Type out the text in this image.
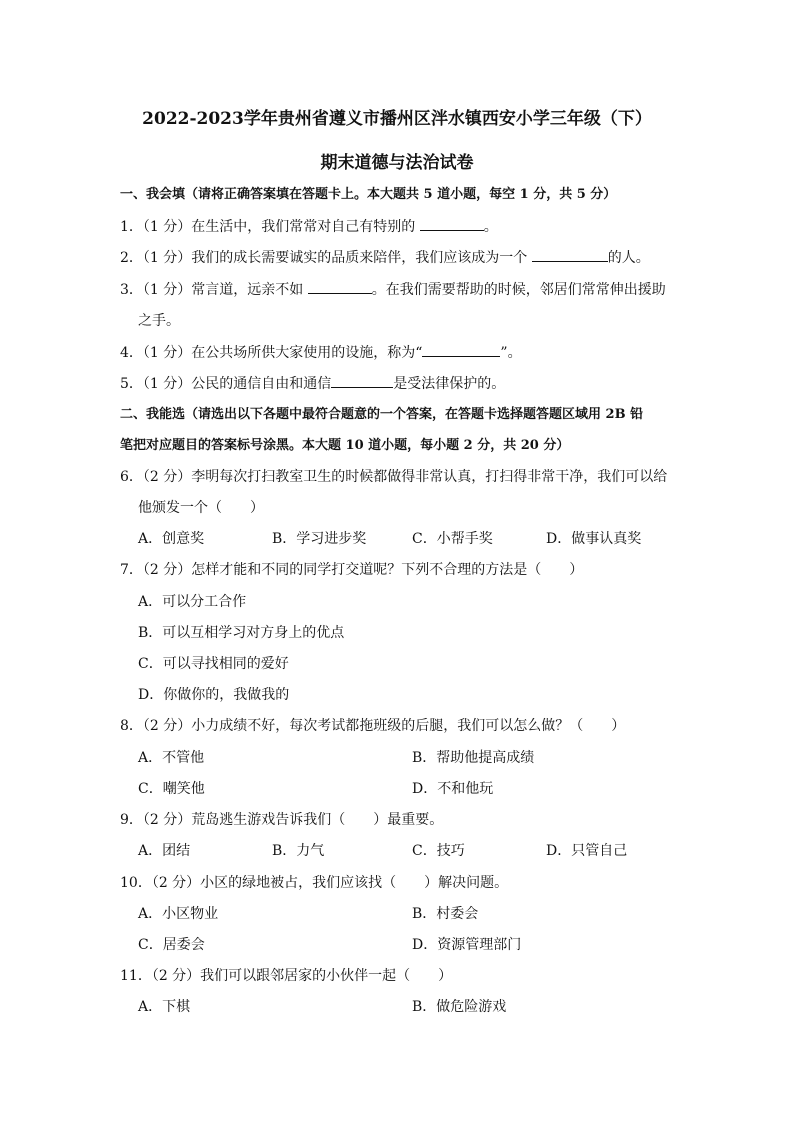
2022-2023学年贵州省遵义市播州区泮水镇西安小学三年级（下）
期末道德与法治试卷
一、我会填（请将正确答案填在答题卡上。本大题共 5 道小题，每空 1 分，共 5 分）
1．（1 分）在生活中，我们常常对自己有特别的	。
2．（1 分）我们的成长需要诚实的品质来陪伴，我们应该成为一个	的人。
3．（1 分）常言道，远亲不如	。在我们需要帮助的时候，邻居们常常伸出援助
之手。
4．（1 分）在公共场所供大家使用的设施，称为“	”。
5．（1 分）公民的通信自由和通信	是受法律保护的。
二、我能选（请选出以下各题中最符合题意的一个答案，在答题卡选择题答题区域用 2B 铅
笔把对应题目的答案标号涂黑。本大题 10 道小题，每小题 2 分，共 20 分）
6．（2 分）李明每次打扫教室卫生的时候都做得非常认真，打扫得非常干净，我们可以给
他颁发一个（　　）
A．创意奖	B．学习进步奖	C．小帮手奖	D．做事认真奖
7．（2 分）怎样才能和不同的同学打交道呢？下列不合理的方法是（　　）
A．可以分工合作
B．可以互相学习对方身上的优点
C．可以寻找相同的爱好
D．你做你的，我做我的
8．（2 分）小力成绩不好，每次考试都拖班级的后腿，我们可以怎么做？（　　）
A．不管他	B．帮助他提高成绩
C．嘲笑他	D．不和他玩
9．（2 分）荒岛逃生游戏告诉我们（　　）最重要。
A．团结	B．力气	C．技巧	D．只管自己
10．（2 分）小区的绿地被占，我们应该找（　　）解决问题。
A．小区物业	B．村委会
C．居委会	D．资源管理部门
11．（2 分）我们可以跟邻居家的小伙伴一起（　　）
A．下棋	B．做危险游戏
